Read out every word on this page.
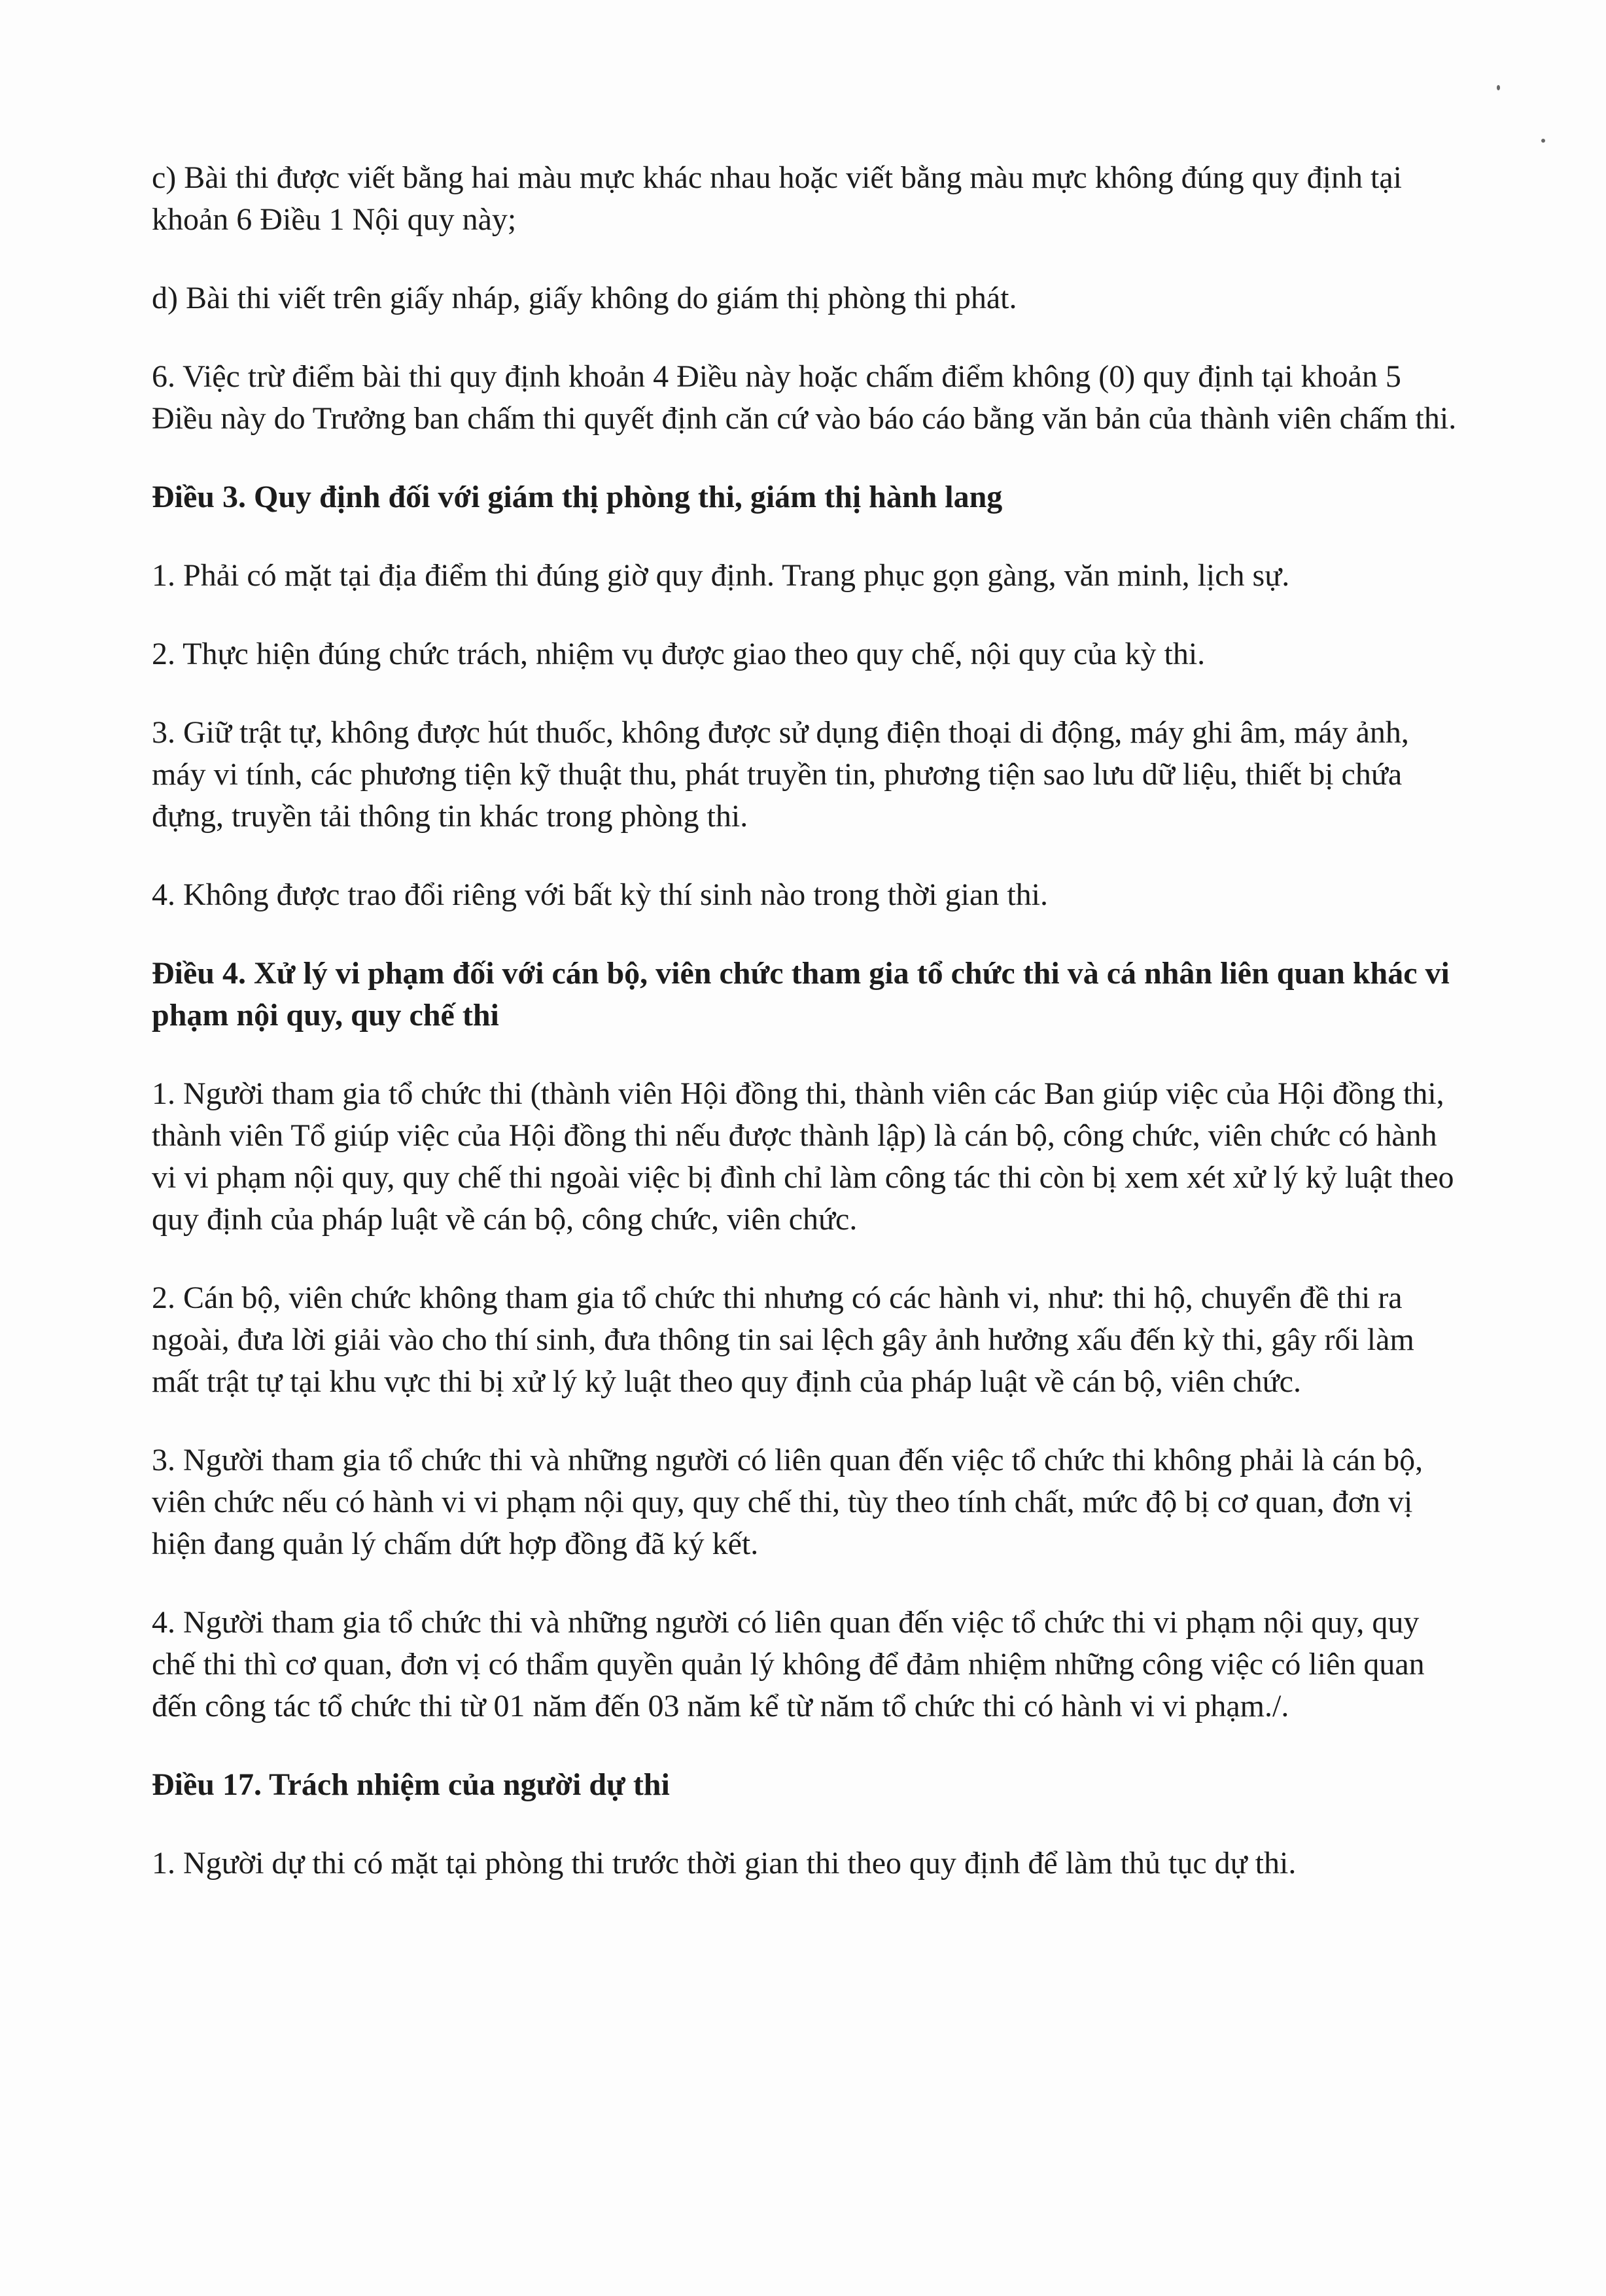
c) Bài thi được viết bằng hai màu mực khác nhau hoặc viết bằng màu mực không đúng quy định tại khoản 6 Điều 1 Nội quy này;

d) Bài thi viết trên giấy nháp, giấy không do giám thị phòng thi phát.

6. Việc trừ điểm bài thi quy định khoản 4 Điều này hoặc chấm điểm không (0) quy định tại khoản 5 Điều này do Trưởng ban chấm thi quyết định căn cứ vào báo cáo bằng văn bản của thành viên chấm thi.

Điều 3. Quy định đối với giám thị phòng thi, giám thị hành lang

1. Phải có mặt tại địa điểm thi đúng giờ quy định. Trang phục gọn gàng, văn minh, lịch sự.

2. Thực hiện đúng chức trách, nhiệm vụ được giao theo quy chế, nội quy của kỳ thi.

3. Giữ trật tự, không được hút thuốc, không được sử dụng điện thoại di động, máy ghi âm, máy ảnh, máy vi tính, các phương tiện kỹ thuật thu, phát truyền tin, phương tiện sao lưu dữ liệu, thiết bị chứa đựng, truyền tải thông tin khác trong phòng thi.

4. Không được trao đổi riêng với bất kỳ thí sinh nào trong thời gian thi.

Điều 4. Xử lý vi phạm đối với cán bộ, viên chức tham gia tổ chức thi và cá nhân liên quan khác vi phạm nội quy, quy chế thi

1. Người tham gia tổ chức thi (thành viên Hội đồng thi, thành viên các Ban giúp việc của Hội đồng thi, thành viên Tổ giúp việc của Hội đồng thi nếu được thành lập) là cán bộ, công chức, viên chức có hành vi vi phạm nội quy, quy chế thi ngoài việc bị đình chỉ làm công tác thi còn bị xem xét xử lý kỷ luật theo quy định của pháp luật về cán bộ, công chức, viên chức.

2. Cán bộ, viên chức không tham gia tổ chức thi nhưng có các hành vi, như: thi hộ, chuyển đề thi ra ngoài, đưa lời giải vào cho thí sinh, đưa thông tin sai lệch gây ảnh hưởng xấu đến kỳ thi, gây rối làm mất trật tự tại khu vực thi bị xử lý kỷ luật theo quy định của pháp luật về cán bộ, viên chức.

3. Người tham gia tổ chức thi và những người có liên quan đến việc tổ chức thi không phải là cán bộ, viên chức nếu có hành vi vi phạm nội quy, quy chế thi, tùy theo tính chất, mức độ bị cơ quan, đơn vị hiện đang quản lý chấm dứt hợp đồng đã ký kết.

4. Người tham gia tổ chức thi và những người có liên quan đến việc tổ chức thi vi phạm nội quy, quy chế thi thì cơ quan, đơn vị có thẩm quyền quản lý không để đảm nhiệm những công việc có liên quan đến công tác tổ chức thi từ 01 năm đến 03 năm kể từ năm tổ chức thi có hành vi vi phạm./.

Điều 17. Trách nhiệm của người dự thi

1. Người dự thi có mặt tại phòng thi trước thời gian thi theo quy định để làm thủ tục dự thi.
